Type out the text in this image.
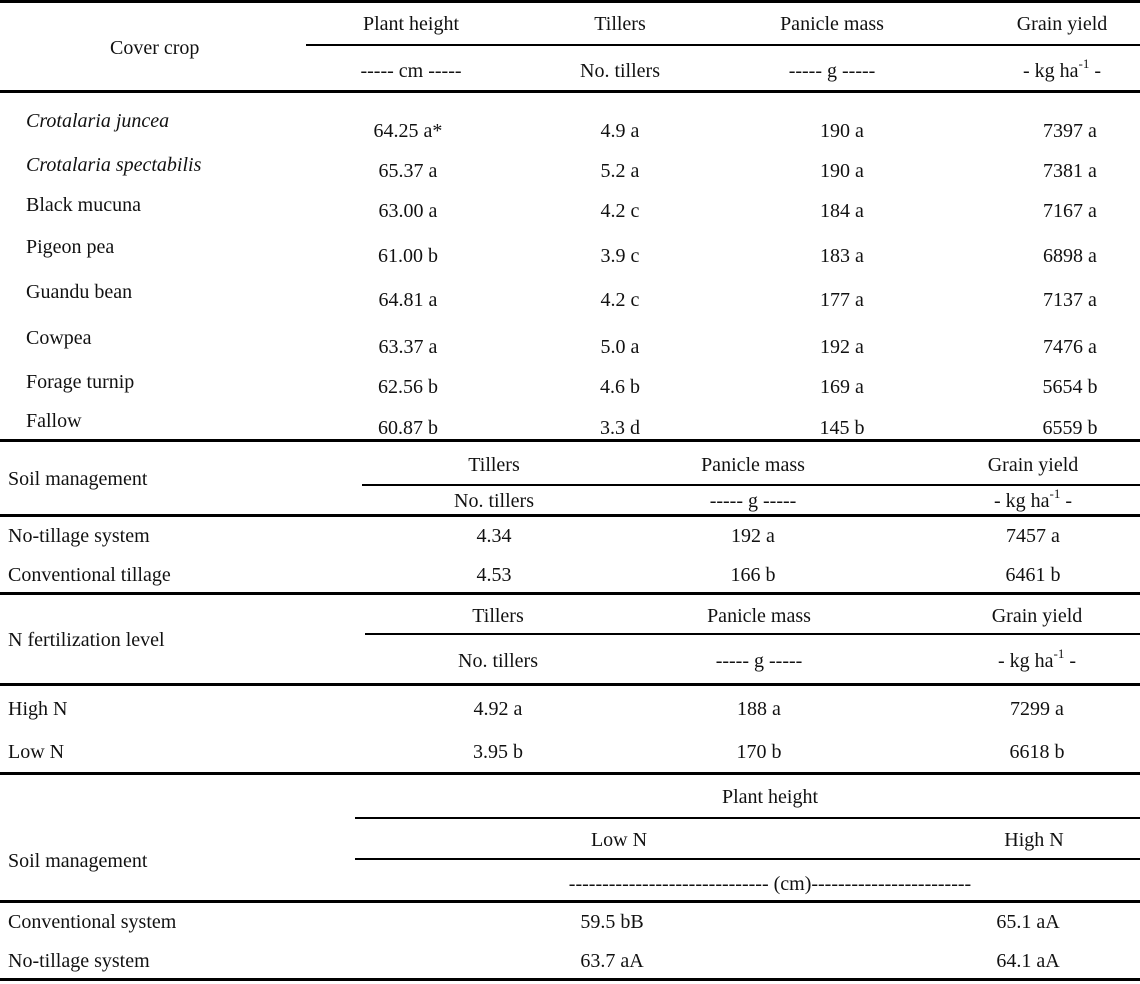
Cover crop
Plant height	Tillers	Panicle mass	Grain yield
----- cm -----	No. tillers	----- g -----	- kg $ha^{-1}$ -
Crotalaria juncea	64.25 a*	4.9 a	190 a	7397 a
Crotalaria spectabilis	65.37 a	5.2 a	190 a	7381 a
Black mucuna	63.00 a	4.2 c	184 a	7167 a
Pigeon pea	61.00 b	3.9 c	183 a	6898 a
Guandu bean	64.81 a	4.2 c	177 a	7137 a
Cowpea	63.37 a	5.0 a	192 a	7476 a
Forage turnip	62.56 b	4.6 b	169 a	5654 b
Fallow	60.87 b	3.3 d	145 b	6559 b
Soil management
Tillers	Panicle mass	Grain yield
No. tillers	----- g -----	- kg $ha^{-1}$ -
No-tillage system	4.34	192 a	7457 a
Conventional tillage	4.53	166 b	6461 b
N fertilization level
Tillers	Panicle mass	Grain yield
No. tillers	----- g -----	- kg $ha^{-1}$ -
High N	4.92 a	188 a	7299 a
Low N	3.95 b	170 b	6618 b
Plant height
Soil management
Low N	High N
------------------------------ (cm)------------------------
Conventional system	59.5 bB	65.1 aA
No-tillage system	63.7 aA	64.1 aA
